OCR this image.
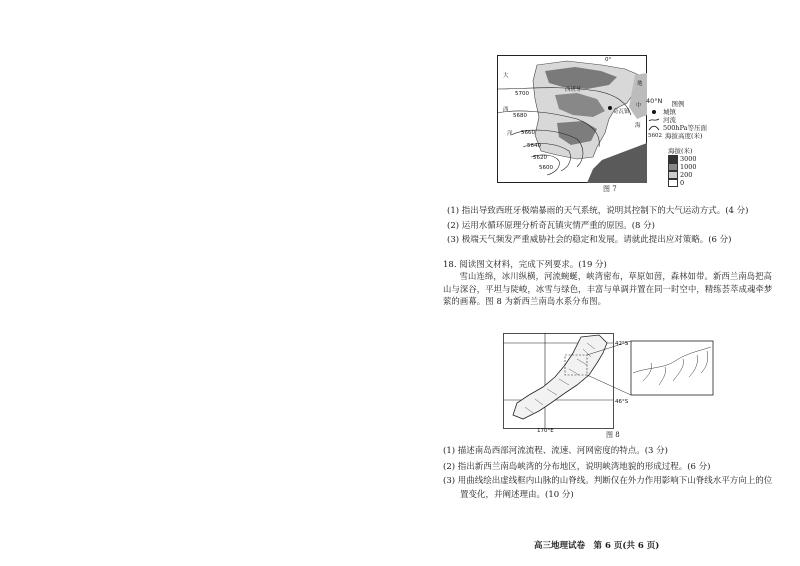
大
西
洋
地
中
海
西班牙
奇瓦镇
5700
5680
5660
5640
5620
5600
0°
40°N	图例
城镇
河流
500hPa等压面
5602 海拔高度(米)
海拔(米)
3000
1000
200
0
图 7
(1) 指出导致西班牙极端暴雨的天气系统，说明其控制下的大气运动方式。(4 分)
(2) 运用水循环原理分析奇瓦镇灾情严重的原因。(8 分)
(3) 极端天气频发严重威胁社会的稳定和发展。请就此提出应对策略。(6 分)
18. 阅读图文材料，完成下列要求。(19 分)
雪山连绵，冰川纵横，河流蜿蜒，峡湾密布，草原如茵，森林如带。新西兰南岛把高山与深谷，平坦与陡峻，冰雪与绿色，丰富与单调并置在同一时空中，精练荟萃成魂牵梦萦的画幕。图 8 为新西兰南岛水系分布图。
42°S
46°S
170°E	图 8
(1) 描述南岛西部河流流程、流速、河网密度的特点。(3 分)
(2) 指出新西兰南岛峡湾的分布地区，说明峡湾地貌的形成过程。(6 分)
(3) 用曲线绘出虚线框内山脉的山脊线。判断仅在外力作用影响下山脊线水平方向上的位
置变化，并阐述理由。(10 分)
高三地理试卷　第 6 页(共 6 页)
